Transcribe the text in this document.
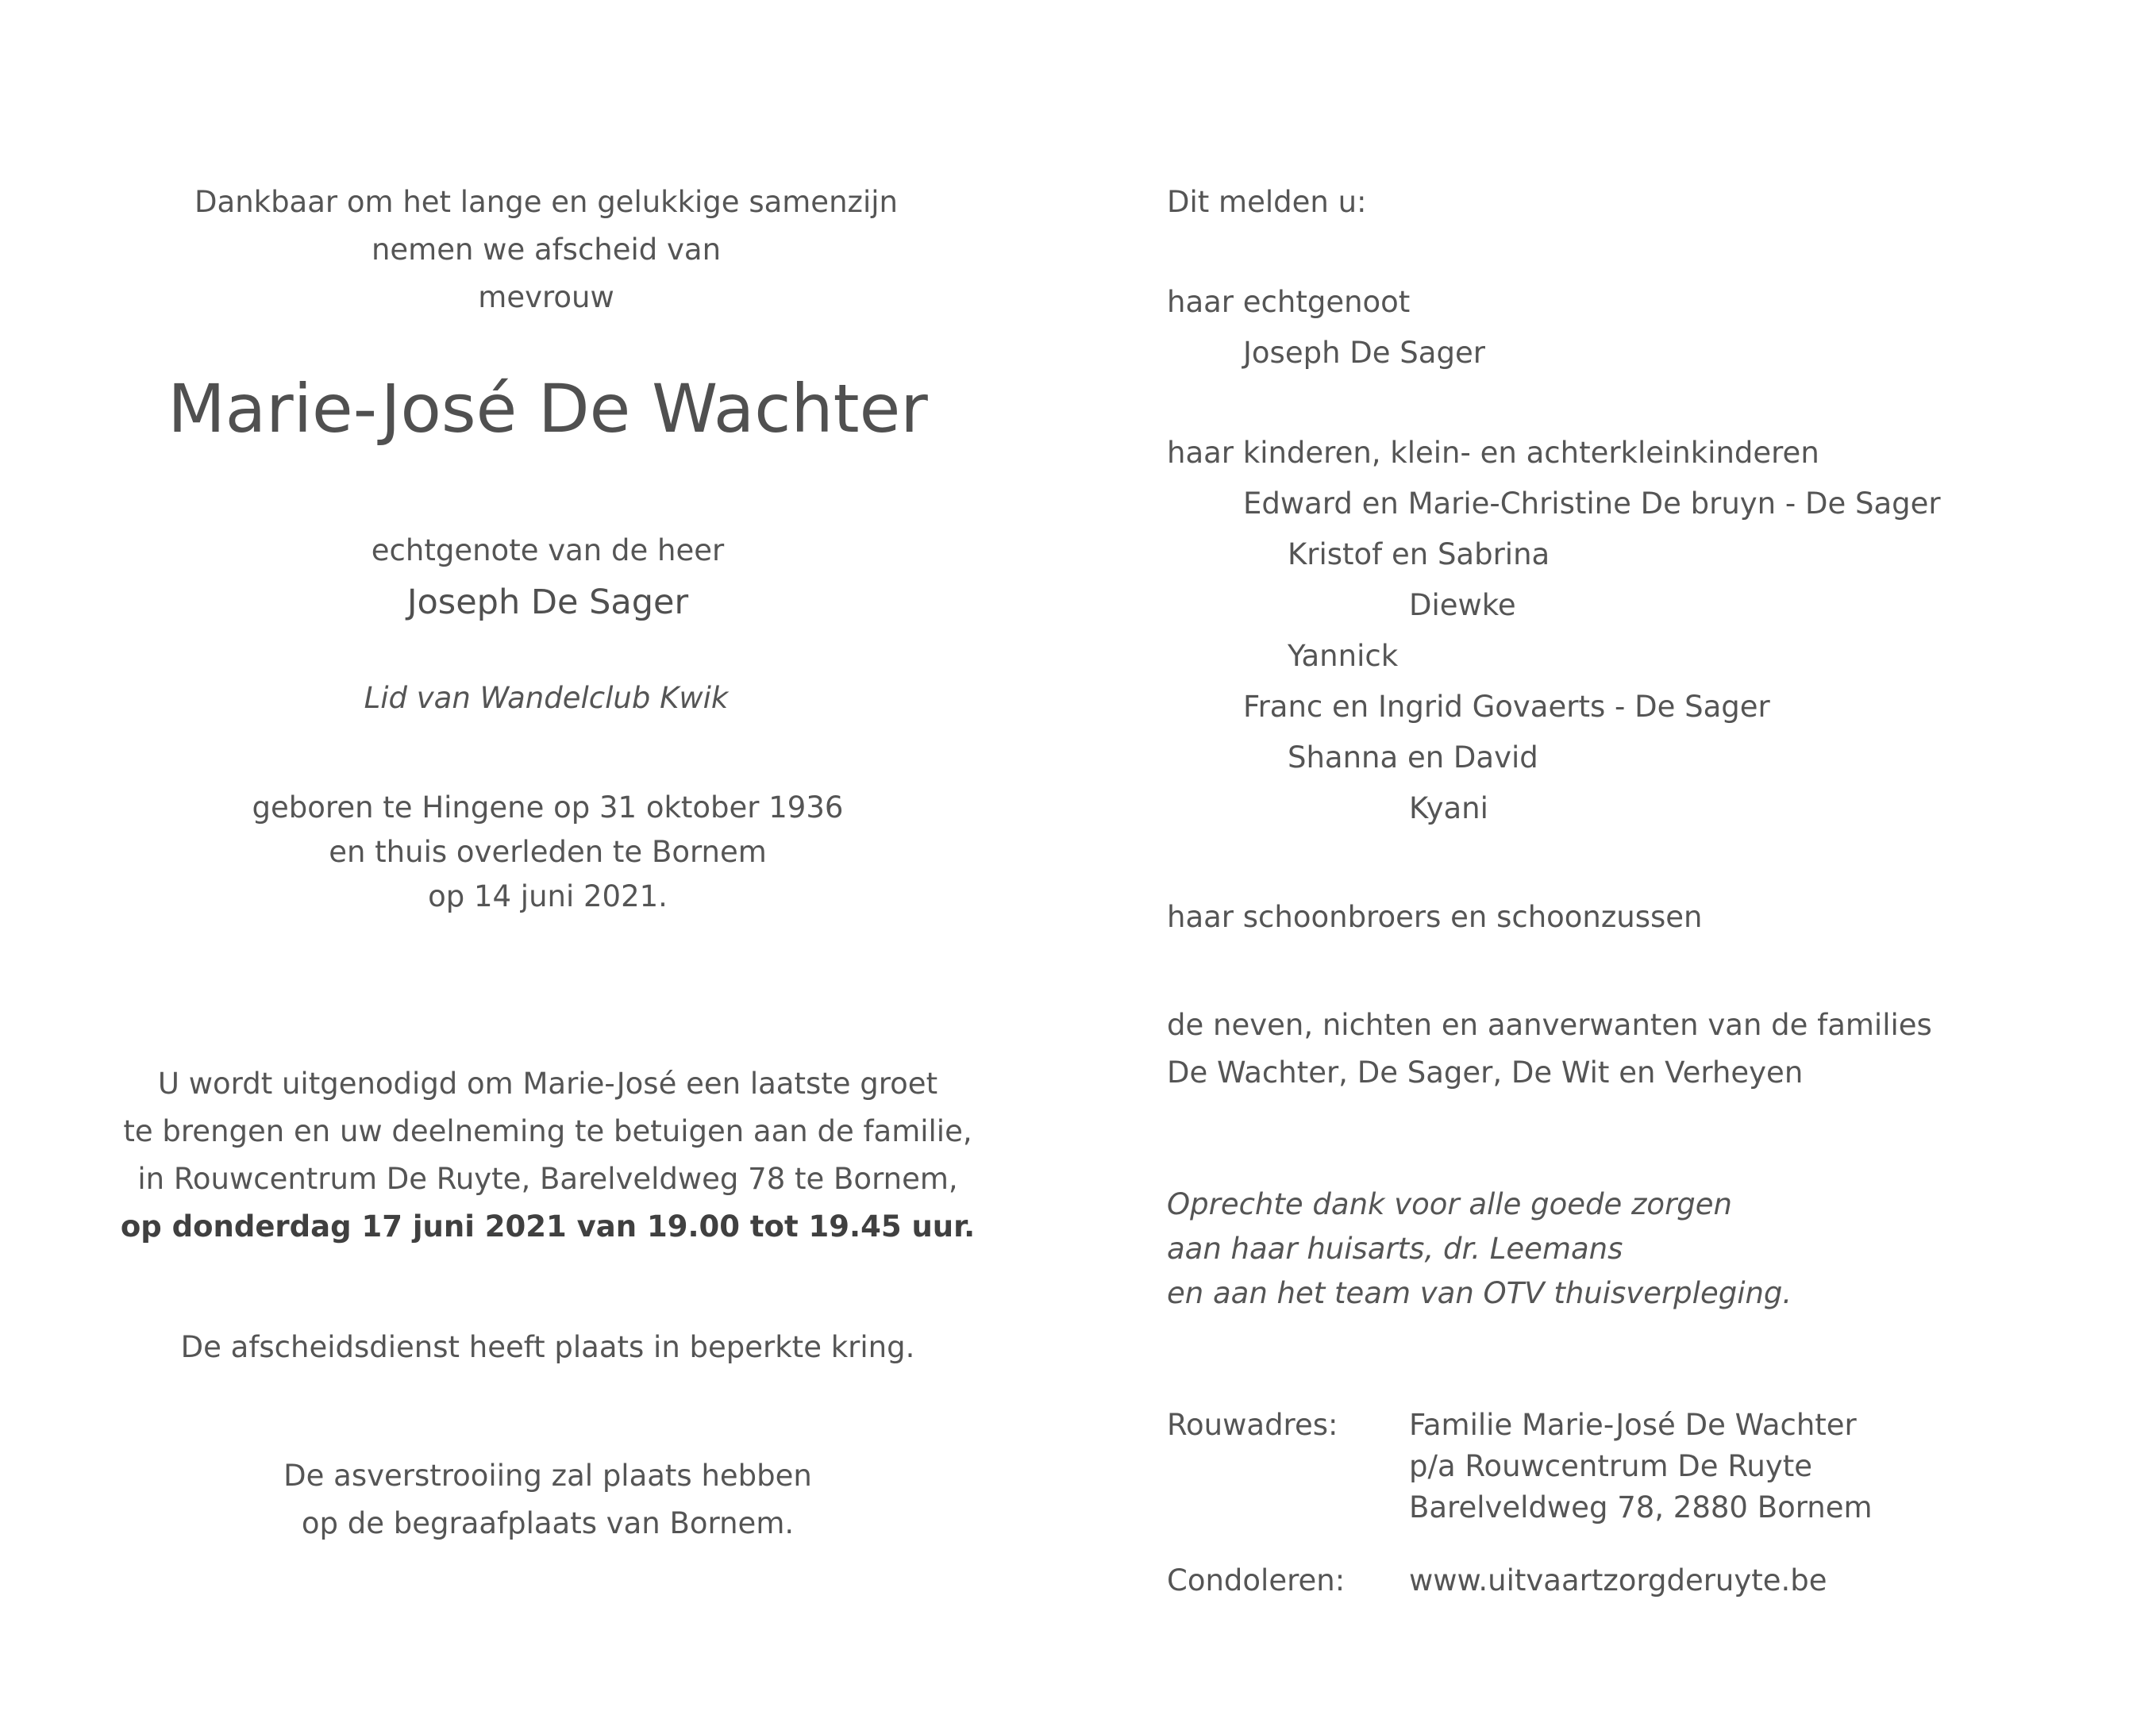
Dankbaar om het lange en gelukkige samenzijn
nemen we afscheid van
mevrouw
Marie-José De Wachter
echtgenote van de heer
Joseph De Sager
Lid van Wandelclub Kwik
geboren te Hingene op 31 oktober 1936
en thuis overleden te Bornem
op 14 juni 2021.
U wordt uitgenodigd om Marie-José een laatste groet
te brengen en uw deelneming te betuigen aan de familie,
in Rouwcentrum De Ruyte, Barelveldweg 78 te Bornem,
op donderdag 17 juni 2021 van 19.00 tot 19.45 uur.
De afscheidsdienst heeft plaats in beperkte kring.
De asverstrooiing zal plaats hebben
op de begraafplaats van Bornem.
Dit melden u:
haar echtgenoot
Joseph De Sager
haar kinderen, klein- en achterkleinkinderen
Edward en Marie-Christine De bruyn - De Sager
Kristof en Sabrina
Diewke
Yannick
Franc en Ingrid Govaerts - De Sager
Shanna en David
Kyani
haar schoonbroers en schoonzussen
de neven, nichten en aanverwanten van de families
De Wachter, De Sager, De Wit en Verheyen
Oprechte dank voor alle goede zorgen
aan haar huisarts, dr. Leemans
en aan het team van OTV thuisverpleging.
Rouwadres: Familie Marie-José De Wachter
p/a Rouwcentrum De Ruyte
Barelveldweg 78, 2880 Bornem
Condoleren: www.uitvaartzorgderuyte.be
